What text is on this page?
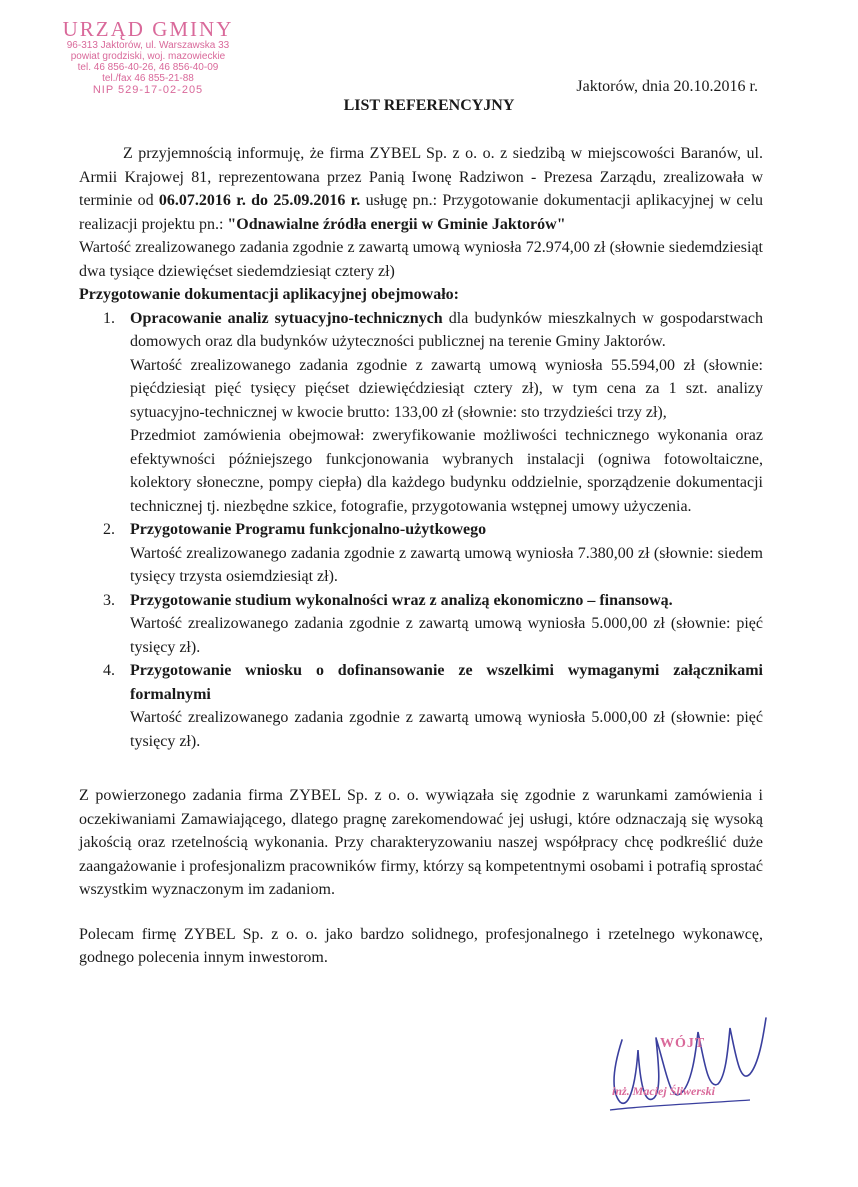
URZĄD GMINY
96-313 Jaktorów, ul. Warszawska 33
powiat grodziski, woj. mazowieckie
tel. 46 856-40-26, 46 856-40-09
tel./fax 46 855-21-88
NIP 529-17-02-205	Jaktorów, dnia 20.10.2016 r.
LIST REFERENCYJNY

Z przyjemnością informuję, że firma ZYBEL Sp. z o. o. z siedzibą w miejscowości Baranów, ul. Armii Krajowej 81, reprezentowana przez Panią Iwonę Radziwon - Prezesa Zarządu, zrealizowała w terminie od 06.07.2016 r. do 25.09.2016 r. usługę pn.: Przygotowanie dokumentacji aplikacyjnej w celu realizacji projektu pn.: "Odnawialne źródła energii w Gminie Jaktorów"

Wartość zrealizowanego zadania zgodnie z zawartą umową wyniosła 72.974,00 zł (słownie siedemdziesiąt dwa tysiące dziewięćset siedemdziesiąt cztery zł)

Przygotowanie dokumentacji aplikacyjnej obejmowało:

1. Opracowanie analiz sytuacyjno-technicznych dla budynków mieszkalnych w gospodarstwach domowych oraz dla budynków użyteczności publicznej na terenie Gminy Jaktorów.
Wartość zrealizowanego zadania zgodnie z zawartą umową wyniosła 55.594,00 zł (słownie: pięćdziesiąt pięć tysięcy pięćset dziewięćdziesiąt cztery zł), w tym cena za 1 szt. analizy sytuacyjno-technicznej w kwocie brutto: 133,00 zł (słownie: sto trzydzieści trzy zł),
Przedmiot zamówienia obejmował: zweryfikowanie możliwości technicznego wykonania oraz efektywności późniejszego funkcjonowania wybranych instalacji (ogniwa fotowoltaiczne, kolektory słoneczne, pompy ciepła) dla każdego budynku oddzielnie, sporządzenie dokumentacji technicznej tj. niezbędne szkice, fotografie, przygotowania wstępnej umowy użyczenia.
2. Przygotowanie Programu funkcjonalno-użytkowego
Wartość zrealizowanego zadania zgodnie z zawartą umową wyniosła 7.380,00 zł (słownie: siedem tysięcy trzysta osiemdziesiąt zł).
3. Przygotowanie studium wykonalności wraz z analizą ekonomiczno – finansową.
Wartość zrealizowanego zadania zgodnie z zawartą umową wyniosła 5.000,00 zł (słownie: pięć tysięcy zł).
4. Przygotowanie wniosku o dofinansowanie ze wszelkimi wymaganymi załącznikami formalnymi
Wartość zrealizowanego zadania zgodnie z zawartą umową wyniosła 5.000,00 zł (słownie: pięć tysięcy zł).

Z powierzonego zadania firma ZYBEL Sp. z o. o. wywiązała się zgodnie z warunkami zamówienia i oczekiwaniami Zamawiającego, dlatego pragnę zarekomendować jej usługi, które odznaczają się wysoką jakością oraz rzetelnością wykonania. Przy charakteryzowaniu naszej współpracy chcę podkreślić duże zaangażowanie i profesjonalizm pracowników firmy, którzy są kompetentnymi osobami i potrafią sprostać wszystkim wyznaczonym im zadaniom.

Polecam firmę ZYBEL Sp. z o. o. jako bardzo solidnego, profesjonalnego i rzetelnego wykonawcę, godnego polecenia innym inwestorom.

WÓJT
inż. Maciej Śliwerski
